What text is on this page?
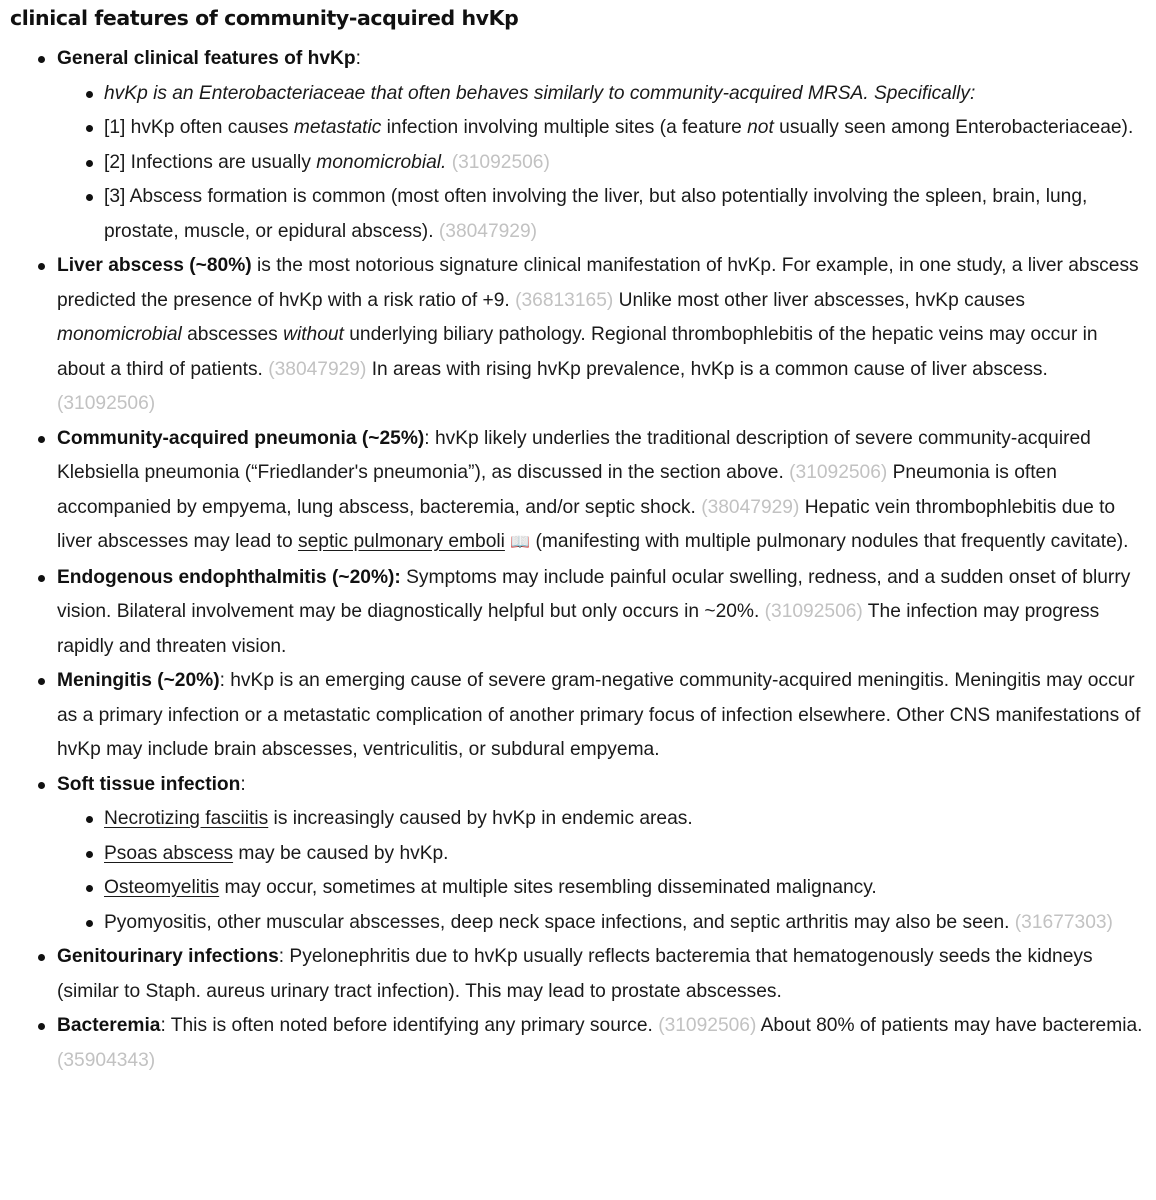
clinical features of community-acquired hvKp
General clinical features of hvKp:
hvKp is an Enterobacteriaceae that often behaves similarly to community-acquired MRSA. Specifically:
[1] hvKp often causes metastatic infection involving multiple sites (a feature not usually seen among Enterobacteriaceae).
[2] Infections are usually monomicrobial. (31092506)
[3] Abscess formation is common (most often involving the liver, but also potentially involving the spleen, brain, lung, prostate, muscle, or epidural abscess). (38047929)
Liver abscess (~80%) is the most notorious signature clinical manifestation of hvKp. For example, in one study, a liver abscess predicted the presence of hvKp with a risk ratio of +9. (36813165) Unlike most other liver abscesses, hvKp causes monomicrobial abscesses without underlying biliary pathology. Regional thrombophlebitis of the hepatic veins may occur in about a third of patients. (38047929) In areas with rising hvKp prevalence, hvKp is a common cause of liver abscess. (31092506)
Community-acquired pneumonia (~25%): hvKp likely underlies the traditional description of severe community-acquired Klebsiella pneumonia (“Friedlander's pneumonia”), as discussed in the section above. (31092506) Pneumonia is often accompanied by empyema, lung abscess, bacteremia, and/or septic shock. (38047929) Hepatic vein thrombophlebitis due to liver abscesses may lead to septic pulmonary emboli 📖 (manifesting with multiple pulmonary nodules that frequently cavitate).
Endogenous endophthalmitis (~20%): Symptoms may include painful ocular swelling, redness, and a sudden onset of blurry vision. Bilateral involvement may be diagnostically helpful but only occurs in ~20%. (31092506) The infection may progress rapidly and threaten vision.
Meningitis (~20%): hvKp is an emerging cause of severe gram-negative community-acquired meningitis. Meningitis may occur as a primary infection or a metastatic complication of another primary focus of infection elsewhere. Other CNS manifestations of hvKp may include brain abscesses, ventriculitis, or subdural empyema.
Soft tissue infection:
Necrotizing fasciitis is increasingly caused by hvKp in endemic areas.
Psoas abscess may be caused by hvKp.
Osteomyelitis may occur, sometimes at multiple sites resembling disseminated malignancy.
Pyomyositis, other muscular abscesses, deep neck space infections, and septic arthritis may also be seen. (31677303)
Genitourinary infections: Pyelonephritis due to hvKp usually reflects bacteremia that hematogenously seeds the kidneys (similar to Staph. aureus urinary tract infection). This may lead to prostate abscesses.
Bacteremia: This is often noted before identifying any primary source. (31092506) About 80% of patients may have bacteremia. (35904343)
